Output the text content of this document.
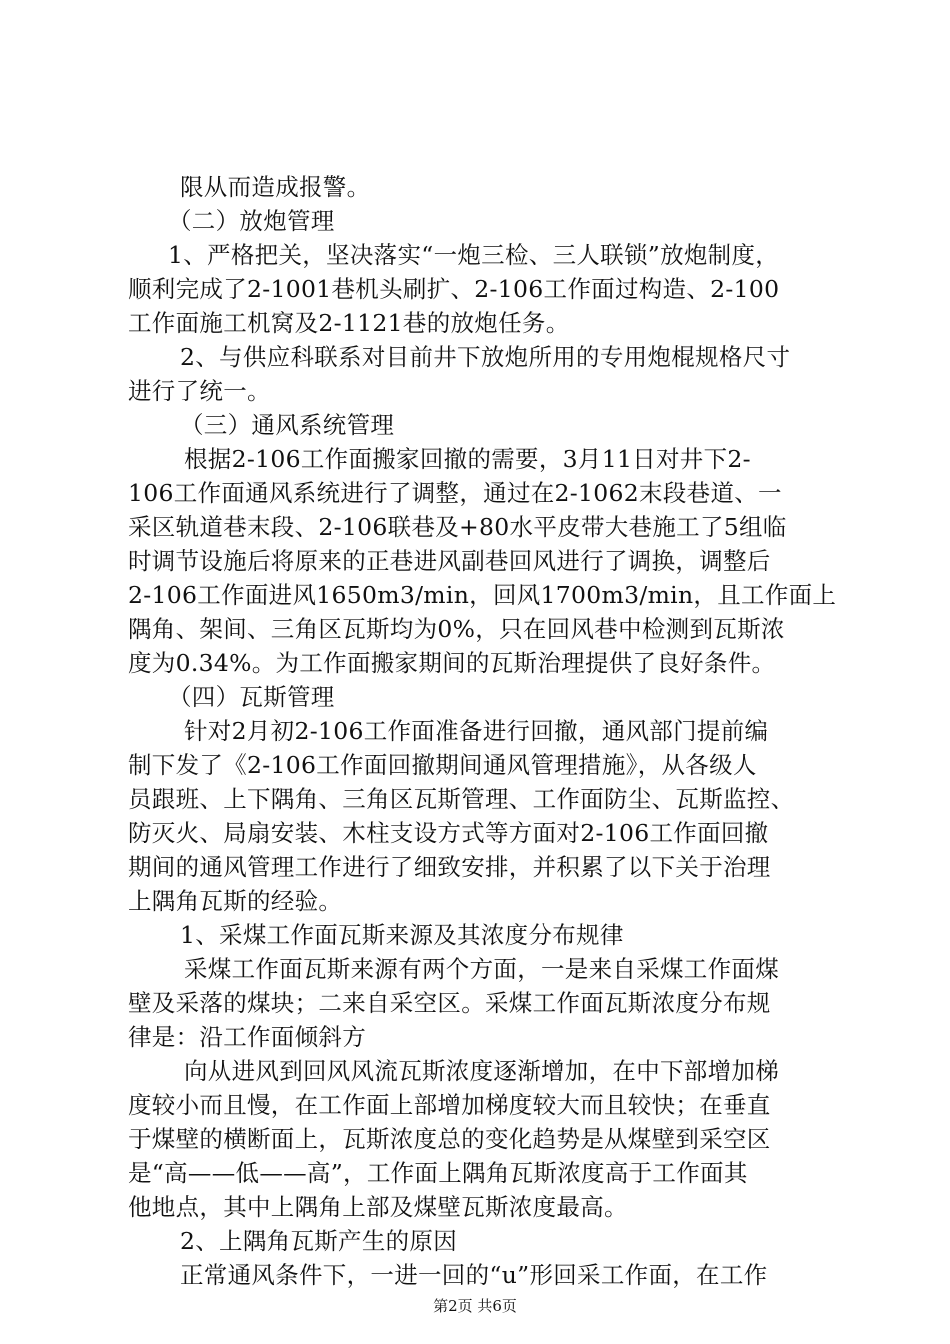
限从而造成报警。
（二）放炮管理
1、严格把关，坚决落实“一炮三检、三人联锁”放炮制度，
顺利完成了2-1001巷机头刷扩、2-106工作面过构造、2-100
工作面施工机窝及2-1121巷的放炮任务。
2、与供应科联系对目前井下放炮所用的专用炮棍规格尺寸
进行了统一。
（三）通风系统管理
根据2-106工作面搬家回撤的需要，3月11日对井下2-
106工作面通风系统进行了调整，通过在2-1062末段巷道、一
采区轨道巷末段、2-106联巷及+80水平皮带大巷施工了5组临
时调节设施后将原来的正巷进风副巷回风进行了调换，调整后
2-106工作面进风1650m3/min，回风1700m3/min，且工作面上
隅角、架间、三角区瓦斯均为0%，只在回风巷中检测到瓦斯浓
度为0.34%。为工作面搬家期间的瓦斯治理提供了良好条件。
（四）瓦斯管理
针对2月初2-106工作面准备进行回撤，通风部门提前编
制下发了《2-106工作面回撤期间通风管理措施》，从各级人
员跟班、上下隅角、三角区瓦斯管理、工作面防尘、瓦斯监控、
防灭火、局扇安装、木柱支设方式等方面对2-106工作面回撤
期间的通风管理工作进行了细致安排，并积累了以下关于治理
上隅角瓦斯的经验。
1、采煤工作面瓦斯来源及其浓度分布规律
采煤工作面瓦斯来源有两个方面，一是来自采煤工作面煤
壁及采落的煤块；二来自采空区。采煤工作面瓦斯浓度分布规
律是：沿工作面倾斜方
向从进风到回风风流瓦斯浓度逐渐增加，在中下部增加梯
度较小而且慢，在工作面上部增加梯度较大而且较快；在垂直
于煤壁的横断面上，瓦斯浓度总的变化趋势是从煤壁到采空区
是“高——低——高”，工作面上隅角瓦斯浓度高于工作面其
他地点，其中上隅角上部及煤壁瓦斯浓度最高。
2、上隅角瓦斯产生的原因
正常通风条件下，一进一回的“u”形回采工作面，在工作
第2页 共6页
